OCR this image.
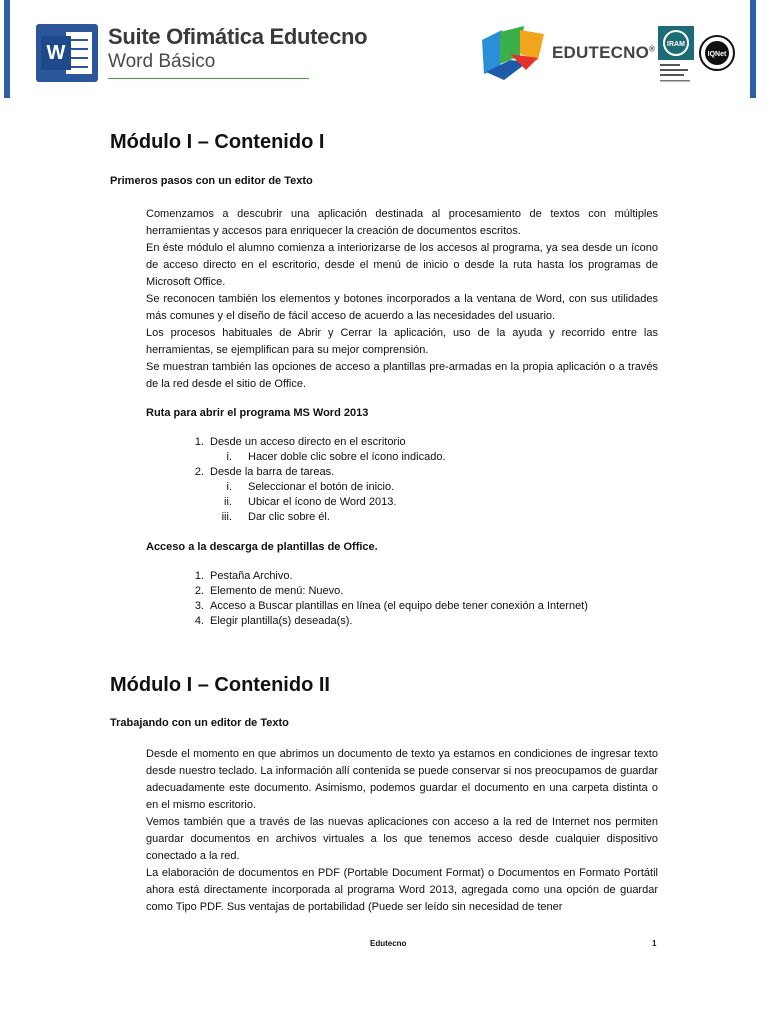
W
Suite Ofimática Edutecno
Word Básico	EDUTECNO® IRAM
IQNet
Módulo I – Contenido I
Primeros pasos con un editor de Texto

Comenzamos a descubrir una aplicación destinada al procesamiento de textos con múltiples herramientas y accesos para enriquecer la creación de documentos escritos.

En éste módulo el alumno comienza a interiorizarse de los accesos al programa, ya sea desde un ícono de acceso directo en el escritorio, desde el menú de inicio o desde la ruta hasta los programas de Microsoft Office.

Se reconocen también los elementos y botones incorporados a la ventana de Word, con sus utilidades más comunes y el diseño de fácil acceso de acuerdo a las necesidades del usuario.

Los procesos habituales de Abrir y Cerrar la aplicación, uso de la ayuda y recorrido entre las herramientas, se ejemplifican para su mejor comprensión.

Se muestran también las opciones de acceso a plantillas pre-armadas en la propia aplicación o a través de la red desde el sitio de Office.

Ruta para abrir el programa MS Word 2013
1. Desde un acceso directo en el escritorio
i. Hacer doble clic sobre el ícono indicado.
2. Desde la barra de tareas.
i. Seleccionar el botón de inicio.
ii. Ubicar el ícono de Word 2013.
iii. Dar clic sobre él.
Acceso a la descarga de plantillas de Office.
1. Pestaña Archivo.
2. Elemento de menú: Nuevo.
3. Acceso a Buscar plantillas en línea (el equipo debe tener conexión a Internet)
4. Elegir plantilla(s) deseada(s).
Módulo I – Contenido II
Trabajando con un editor de Texto

Desde el momento en que abrimos un documento de texto ya estamos en condiciones de ingresar texto desde nuestro teclado. La información allí contenida se puede conservar si nos preocupamos de guardar adecuadamente este documento. Asimismo, podemos guardar el documento en una carpeta distinta o en el mismo escritorio.

Vemos también que a través de las nuevas aplicaciones con acceso a la red de Internet nos permiten guardar documentos en archivos virtuales a los que tenemos acceso desde cualquier dispositivo conectado a la red.

La elaboración de documentos en PDF (Portable Document Format) o Documentos en Formato Portátil ahora está directamente incorporada al programa Word 2013, agregada como una opción de guardar como Tipo PDF. Sus ventajas de portabilidad (Puede ser leído sin necesidad de tener

Edutecno	1
